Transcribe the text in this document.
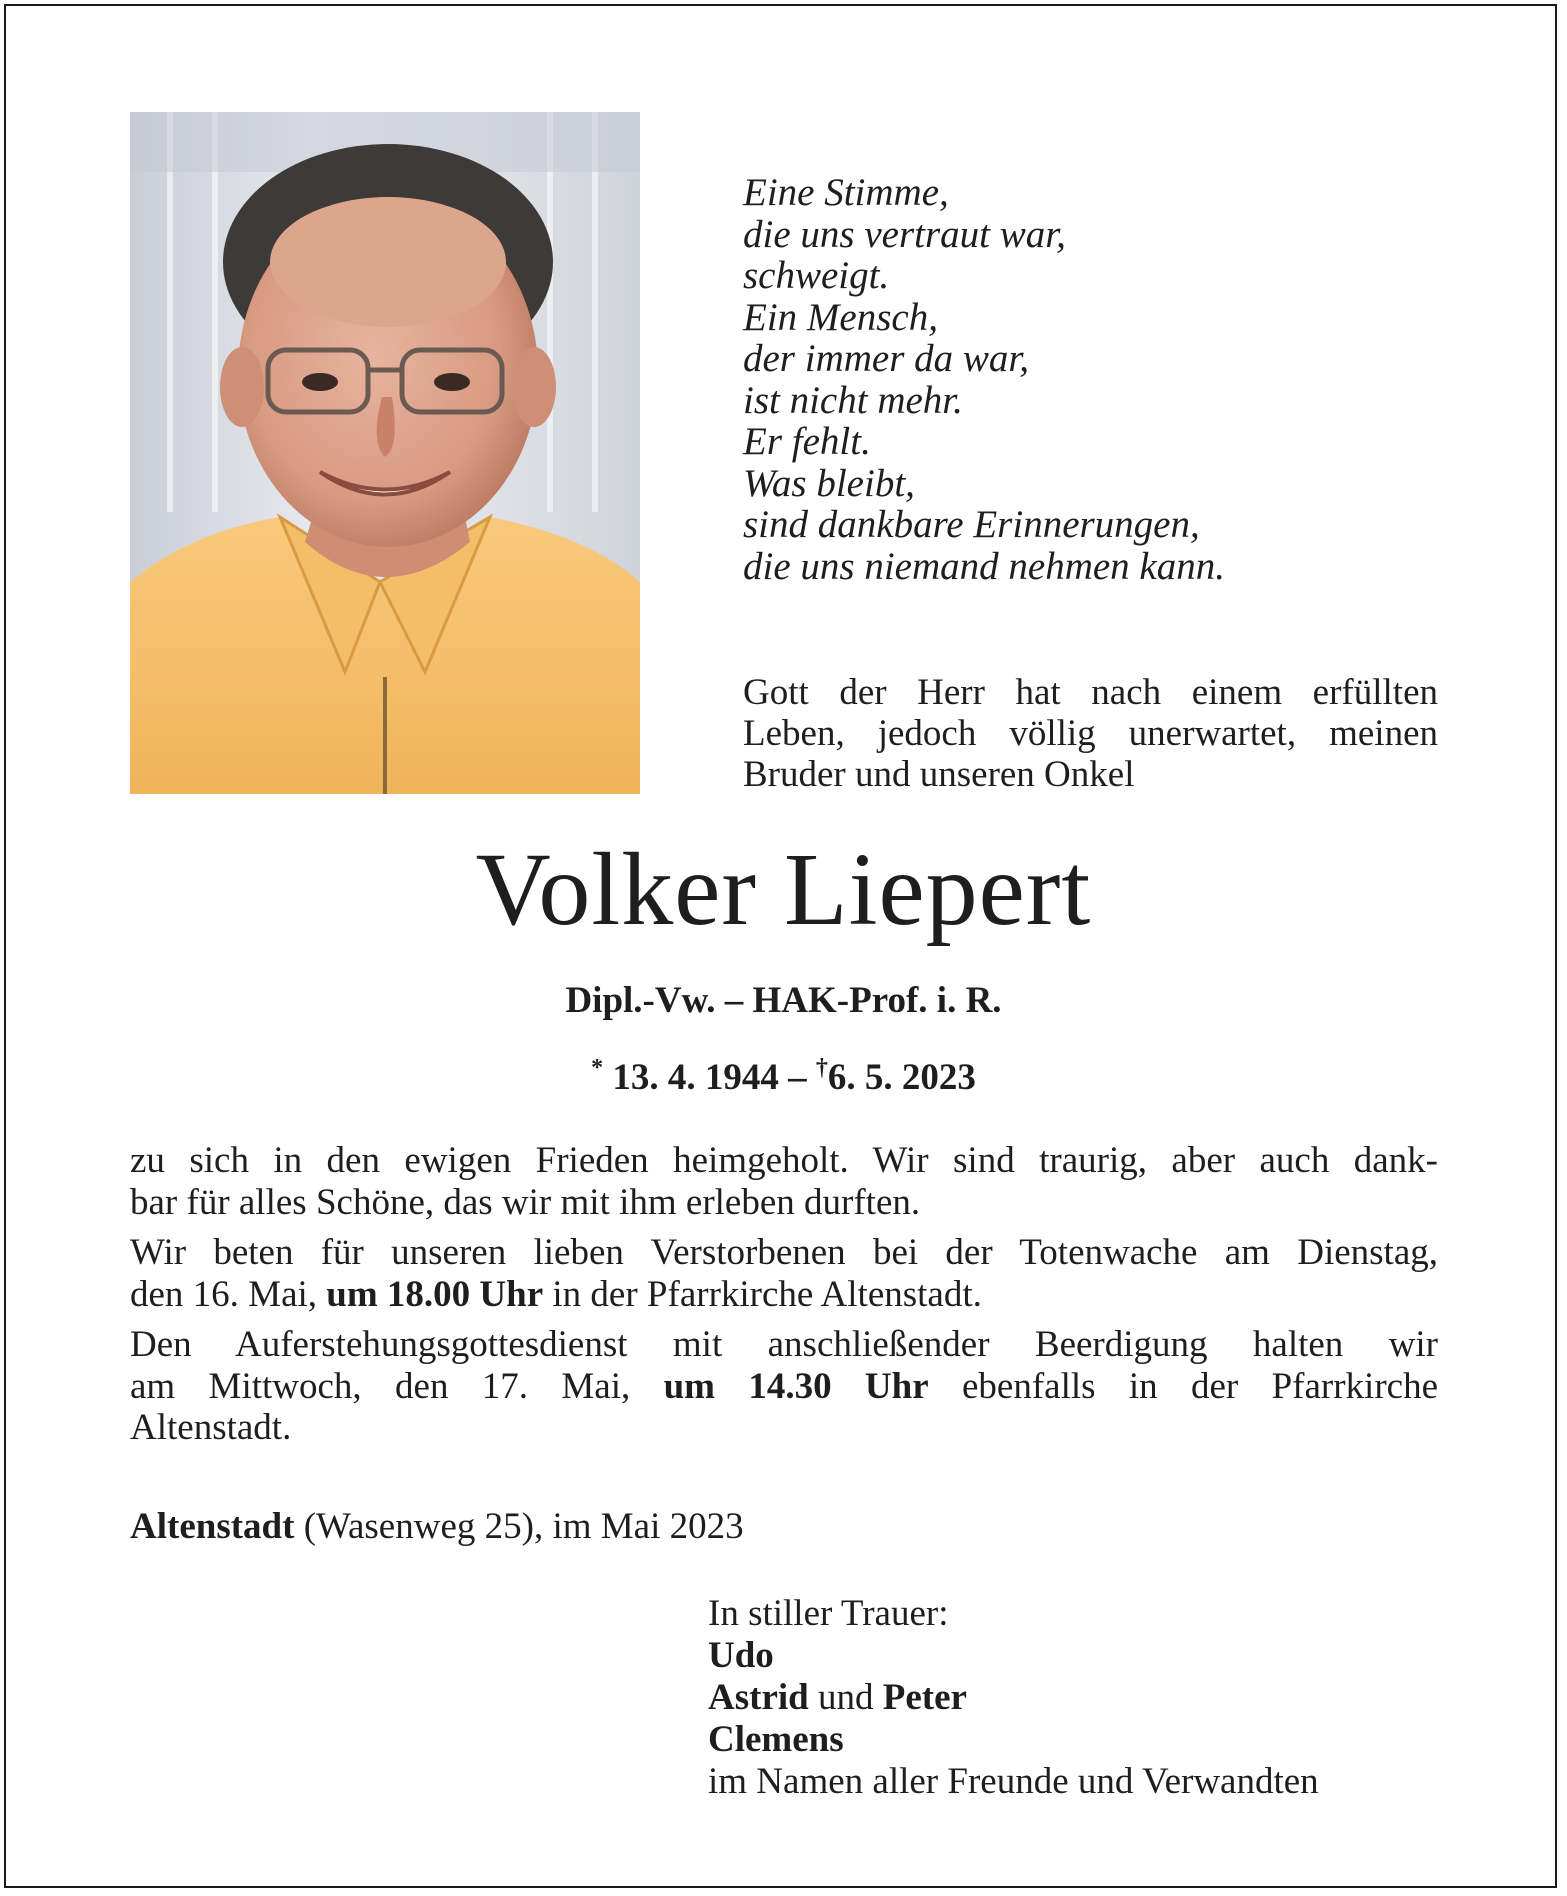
Eine Stimme,
die uns vertraut war,
schweigt.
Ein Mensch,
der immer da war,
ist nicht mehr.
Er fehlt.
Was bleibt,
sind dankbare Erinnerungen,
die uns niemand nehmen kann.
Gott der Herr hat nach einem erfüllten
Leben, jedoch völlig unerwartet, meinen
Bruder und unseren Onkel
Volker Liepert
Dipl.-Vw. – HAK-Prof. i. R.
* 13. 4. 1944 – †6. 5. 2023

zu sich in den ewigen Frieden heimgeholt. Wir sind traurig, aber auch dank-
bar für alles Schöne, das wir mit ihm erleben durften.

Wir beten für unseren lieben Verstorbenen bei der Totenwache am Dienstag,
den 16. Mai, um 18.00 Uhr in der Pfarrkirche Altenstadt.

Den Auferstehungsgottesdienst mit anschließender Beerdigung halten wir
am Mittwoch, den 17. Mai, um 14.30 Uhr ebenfalls in der Pfarrkirche
Altenstadt.

Altenstadt (Wasenweg 25), im Mai 2023
In stiller Trauer:
Udo
Astrid und Peter
Clemens
im Namen aller Freunde und Verwandten
